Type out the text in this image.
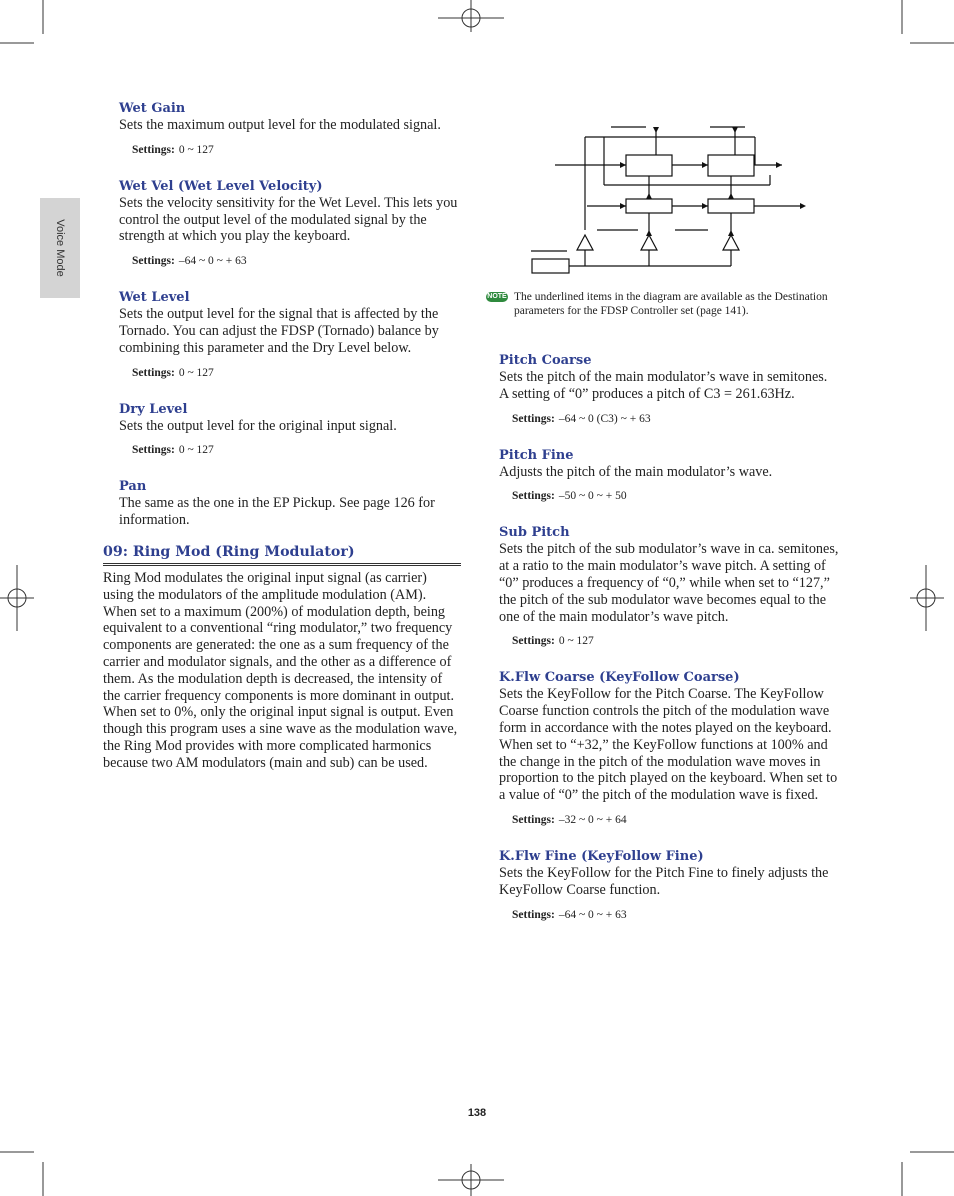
Voice Mode
Wet Gain

Sets the maximum output level for the modulated signal.

Settings: 0 ~ 127
Wet Vel (Wet Level Velocity)

Sets the velocity sensitivity for the Wet Level. This lets you control the output level of the modulated signal by the strength at which you play the keyboard.

Settings: –64 ~ 0 ~ + 63
Wet Level

Sets the output level for the signal that is affected by the Tornado. You can adjust the FDSP (Tornado) balance by combining this parameter and the Dry Level below.

Settings: 0 ~ 127
Dry Level

Sets the output level for the original input signal.

Settings: 0 ~ 127
Pan

The same as the one in the EP Pickup. See page 126 for information.

09: Ring Mod (Ring Modulator)

Ring Mod modulates the original input signal (as carrier) using the modulators of the amplitude modulation (AM). When set to a maximum (200%) of modulation depth, being equivalent to a conventional “ring modulator,” two frequency components are generated: the one as a sum frequency of the carrier and modulator signals, and the other as a difference of them. As the modulation depth is decreased, the intensity of the carrier frequency components is more dominant in output. When set to 0%, only the original input signal is output. Even though this program uses a sine wave as the modulation wave, the Ring Mod provides with more complicated harmonics because two AM modulators (main and sub) can be used.

NOTE The underlined items in the diagram are available as the Destination parameters for the FDSP Controller set (page 141).

Pitch Coarse

Sets the pitch of the main modulator’s wave in semitones. A setting of “0” produces a pitch of C3 = 261.63Hz.

Settings: –64 ~ 0 (C3) ~ + 63
Pitch Fine

Adjusts the pitch of the main modulator’s wave.

Settings: –50 ~ 0 ~ + 50
Sub Pitch

Sets the pitch of the sub modulator’s wave in ca. semitones, at a ratio to the main modulator’s wave pitch. A setting of “0” produces a frequency of “0,” while when set to “127,” the pitch of the sub modulator wave becomes equal to the one of the main modulator’s wave pitch.

Settings: 0 ~ 127
K.Flw Coarse (KeyFollow Coarse)

Sets the KeyFollow for the Pitch Coarse. The KeyFollow Coarse function controls the pitch of the modulation wave form in accordance with the notes played on the keyboard. When set to “+32,” the KeyFollow functions at 100% and the change in the pitch of the modulation wave moves in proportion to the pitch played on the keyboard. When set to a value of “0” the pitch of the modulation wave is fixed.

Settings: –32 ~ 0 ~ + 64
K.Flw Fine (KeyFollow Fine)

Sets the KeyFollow for the Pitch Fine to finely adjusts the KeyFollow Coarse function.

Settings: –64 ~ 0 ~ + 63
138
